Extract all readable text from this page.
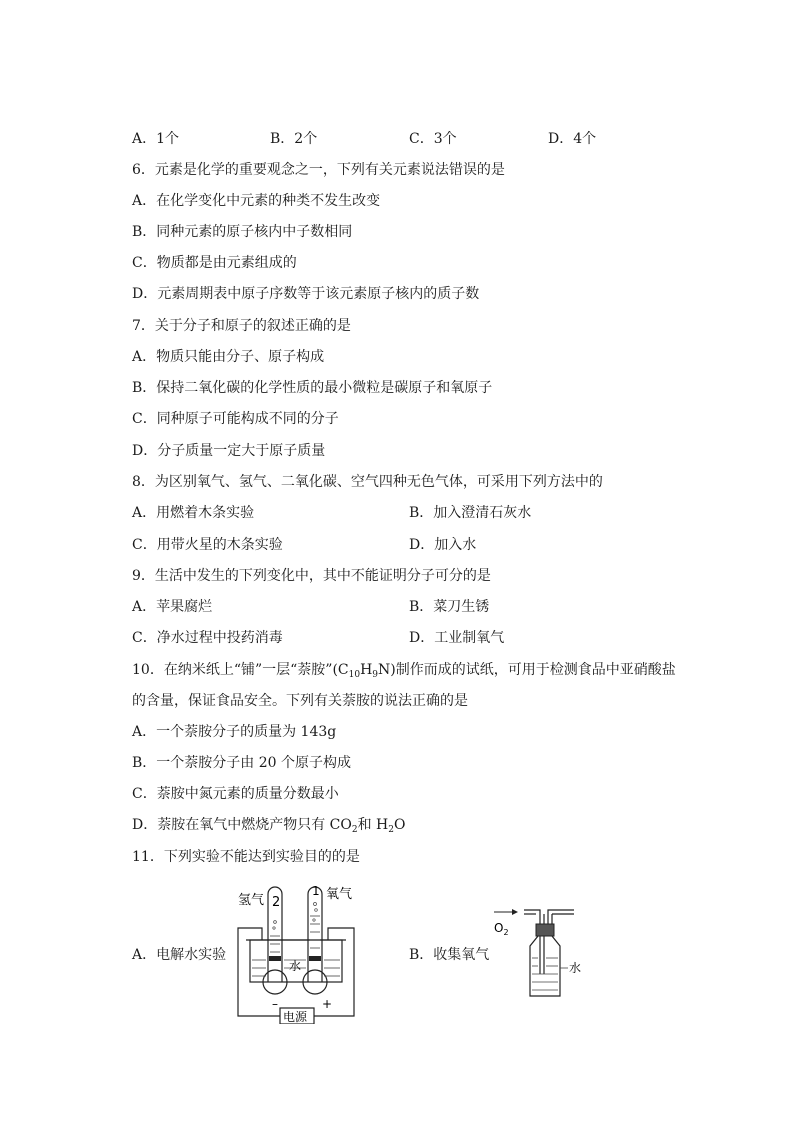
A．1个	B．2个	C．3个	D．4个
6．元素是化学的重要观念之一，下列有关元素说法错误的是
A．在化学变化中元素的种类不发生改变
B．同种元素的原子核内中子数相同
C．物质都是由元素组成的
D．元素周期表中原子序数等于该元素原子核内的质子数
7．关于分子和原子的叙述正确的是
A．物质只能由分子、原子构成
B．保持二氧化碳的化学性质的最小微粒是碳原子和氧原子
C．同种原子可能构成不同的分子
D．分子质量一定大于原子质量
8．为区别氧气、氢气、二氧化碳、空气四种无色气体，可采用下列方法中的
A．用燃着木条实验	B．加入澄清石灰水
C．用带火星的木条实验	D．加入水
9．生活中发生的下列变化中，其中不能证明分子可分的是
A．苹果腐烂	B．菜刀生锈
C．净水过程中投药消毒	D．工业制氧气
10．在纳米纸上“铺”一层“萘胺$”(C_{10}H_9N)$制作而成的试纸，可用于检测食品中亚硝酸盐
的含量，保证食品安全。下列有关萘胺的说法正确的是
A．一个萘胺分子的质量为 143g
B．一个萘胺分子由 20 个原子构成
C．萘胺中氮元素的质量分数最小
D．萘胺在氧气中燃烧产物只有 $CO_2$和 $H_2O$
11．下列实验不能达到实验目的的是
A．电解水实验	B．收集氧气
氢气 2
1 氧气
水
–	+
电源
$O_2$
水
